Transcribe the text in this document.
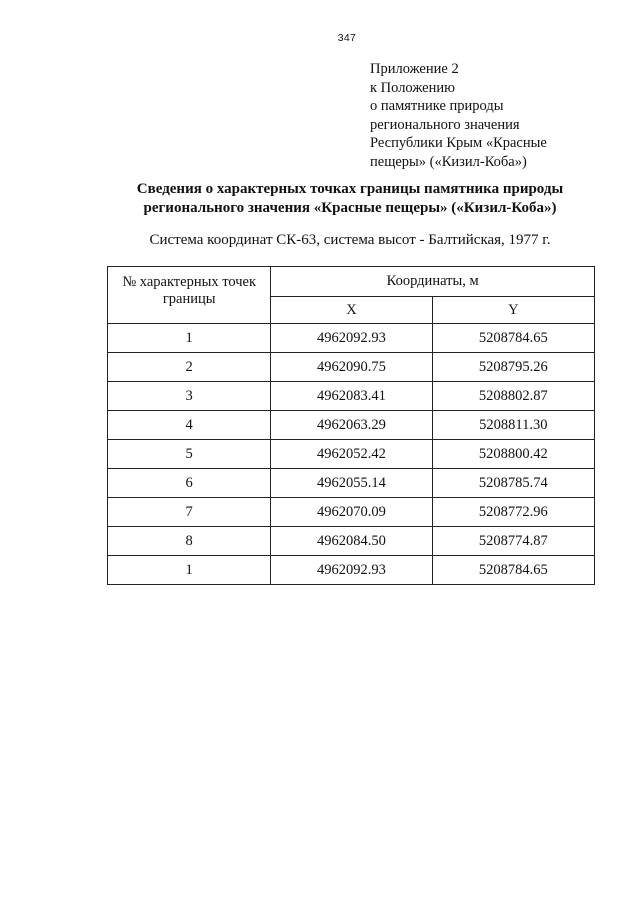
347
Приложение 2
к Положению
о памятнике природы
регионального значения
Республики Крым «Красные
пещеры» («Кизил-Коба»)
Сведения о характерных точках границы памятника природы
регионального значения «Красные пещеры» («Кизил-Коба»)
Система координат СК-63, система высот - Балтийская, 1977 г.
№ характерных точек
границы	Координаты, м	
	X	Y
1	4962092.93	5208784.65
2	4962090.75	5208795.26
3	4962083.41	5208802.87
4	4962063.29	5208811.30
5	4962052.42	5208800.42
6	4962055.14	5208785.74
7	4962070.09	5208772.96
8	4962084.50	5208774.87
1	4962092.93	5208784.65
